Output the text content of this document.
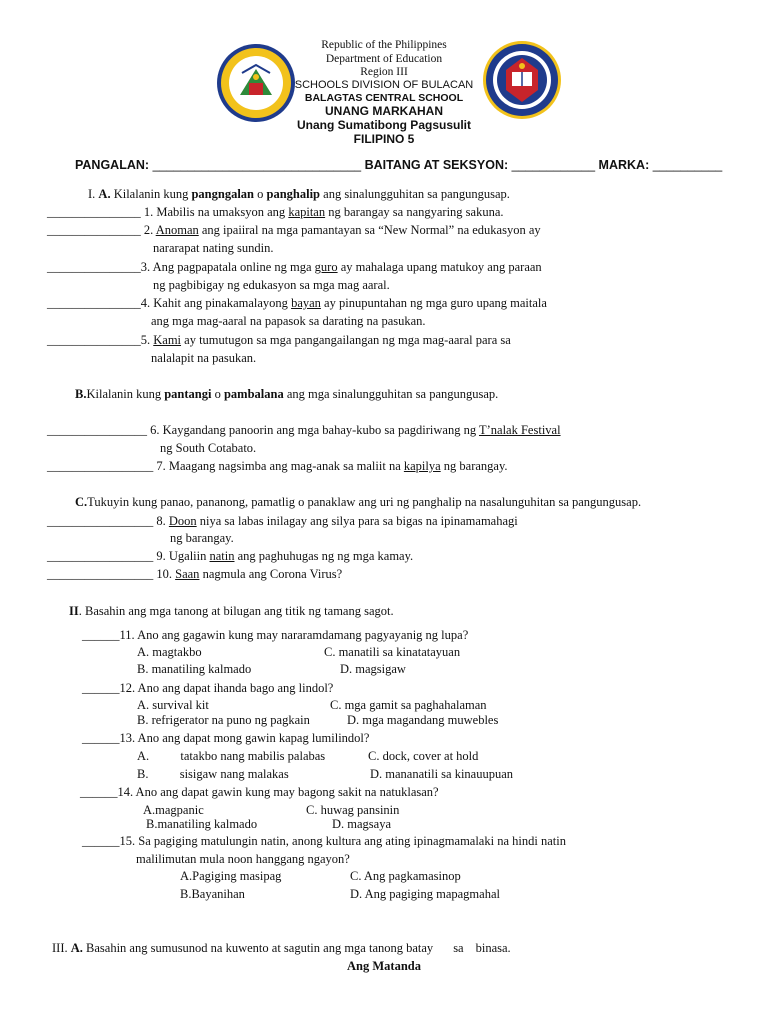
Republic of the Philippines
Department of Education
Region III
SCHOOLS DIVISION OF BULACAN
BALAGTAS CENTRAL SCHOOL
UNANG MARKAHAN
Unang Sumatibong Pagsusulit
FILIPINO 5
PANGALAN: ______________________________ BAITANG AT SEKSYON: ____________ MARKA: __________
I. A. Kilalanin kung pangngalan o panghalip ang sinalungguhitan sa pangungusap.
_______________ 1. Mabilis na umaksyon ang kapitan ng barangay sa nangyaring sakuna.
_______________ 2. Anoman ang ipaiiral na mga pamantayan sa “New Normal” na edukasyon ay
nararapat nating sundin.
_______________3. Ang pagpapatala online ng mga guro ay mahalaga upang matukoy ang paraan
ng pagbibigay ng edukasyon sa mga mag aaral.
_______________4. Kahit ang pinakamalayong bayan ay pinupuntahan ng mga guro upang maitala
ang mga mag-aaral na papasok sa darating na pasukan.
_______________5. Kami ay tumutugon sa mga pangangailangan ng mga mag-aaral para sa
nalalapit na pasukan.
B.Kilalanin kung pantangi o pambalana ang mga sinalungguhitan sa pangungusap.
________________ 6. Kaygandang panoorin ang mga bahay-kubo sa pagdiriwang ng T’nalak Festival
ng South Cotabato.
_________________ 7. Maagang nagsimba ang mag-anak sa maliit na kapilya ng barangay.
C.Tukuyin kung panao, pananong, pamatlig o panaklaw ang uri ng panghalip na nasalunguhitan sa pangungusap.
_________________ 8. Doon niya sa labas inilagay ang silya para sa bigas na ipinamamahagi
ng barangay.
_________________ 9. Ugaliin natin ang paghuhugas ng ng mga kamay.
_________________ 10. Saan nagmula ang Corona Virus?
II. Basahin ang mga tanong at bilugan ang titik ng tamang sagot.
______11. Ano ang gagawin kung may nararamdamang pagyayanig ng lupa?
A. magtakbo	C. manatili sa kinatatayuan
B. manatiling kalmado	D. magsigaw
______12. Ano ang dapat ihanda bago ang lindol?
A. survival kit	C. mga gamit sa paghahalaman
B. refrigerator na puno ng pagkain	D. mga magandang muwebles
______13. Ano ang dapat mong gawin kapag lumilindol?
A.          tatakbo nang mabilis palabas	C. dock, cover at hold
B.          sisigaw nang malakas	D. mananatili sa kinauupuan
______14. Ano ang dapat gawin kung may bagong sakit na natuklasan?
A.magpanic	C. huwag pansinin
B.manatiling kalmado	D. magsaya
______15. Sa pagiging matulungin natin, anong kultura ang ating ipinagmamalaki na hindi natin
malilimutan mula noon hanggang ngayon?
A.Pagiging masipag	C. Ang pagkamasinop
B.Bayanihan	D. Ang pagiging mapagmahal
III. A. Basahin ang sumusunod na kuwento at sagutin ang mga tanong batay sa binasa.
Ang Matanda
